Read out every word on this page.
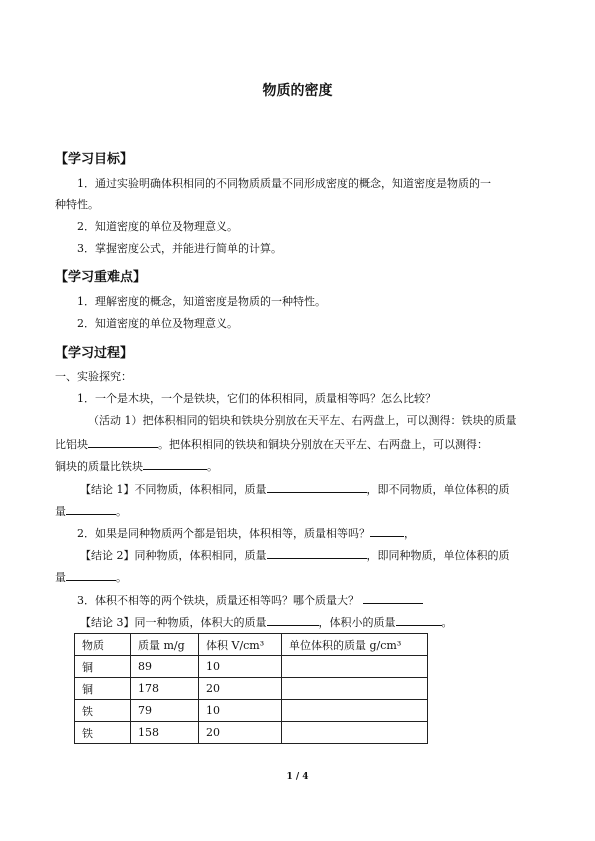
物质的密度
【学习目标】
1．通过实验明确体积相同的不同物质质量不同形成密度的概念，知道密度是物质的一
种特性。
2．知道密度的单位及物理意义。
3．掌握密度公式，并能进行简单的计算。
【学习重难点】
1．理解密度的概念，知道密度是物质的一种特性。
2．知道密度的单位及物理意义。
【学习过程】
一、实验探究：
1．一个是木块，一个是铁块，它们的体积相同，质量相等吗？怎么比较？
（活动 1）把体积相同的铝块和铁块分别放在天平左、右两盘上，可以测得：铁块的质量
比铝块	。把体积相同的铁块和铜块分别放在天平左、右两盘上，可以测得：
铜块的质量比铁块	。
【结论 1】不同物质，体积相同，质量	，即不同物质，单位体积的质
量	。
2．如果是同种物质两个都是铝块，体积相等，质量相等吗？	，
【结论 2】同种物质，体积相同，质量	，即同种物质，单位体积的质
量	。
3．体积不相等的两个铁块，质量还相等吗？哪个质量大？
【结论 3】同一种物质，体积大的质量	，体积小的质量	。
物质	质量 m/g	体积 V/cm³	单位体积的质量 g/cm³
铜	89	10	
铜	178	20	
铁	79	10	
铁	158	20	
1 / 4
